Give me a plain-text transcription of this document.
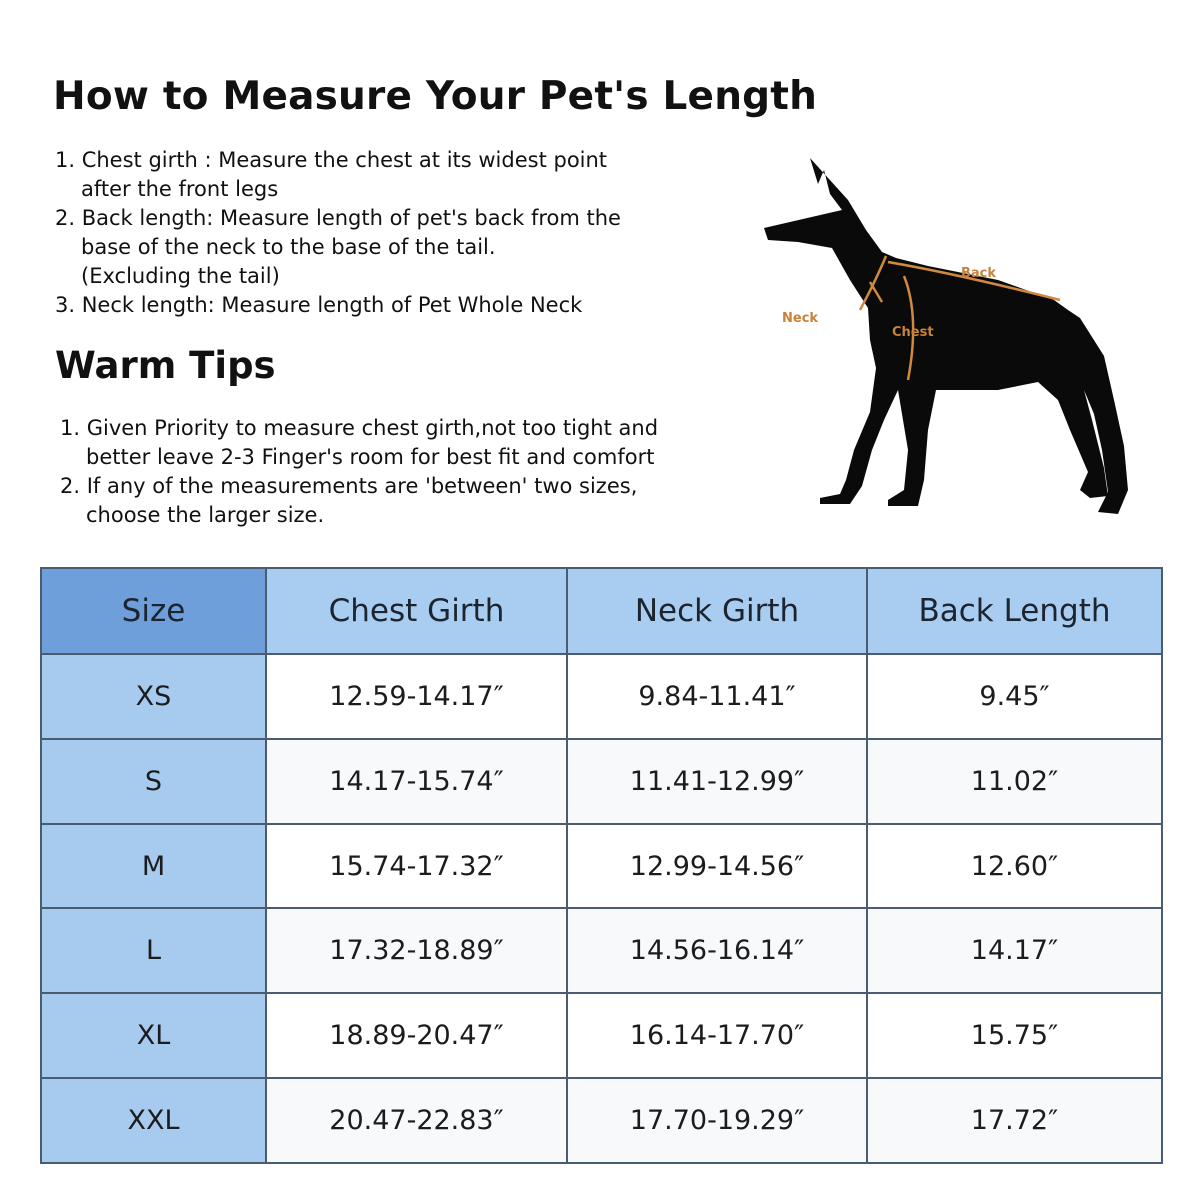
How to Measure Your Pet's Length
1. Chest girth : Measure the chest at its widest point
after the front legs
2. Back length: Measure length of pet's back from the
base of the neck to the base of the tail.
(Excluding the tail)
3. Neck length: Measure length of Pet Whole Neck
Warm Tips
1. Given Priority to measure chest girth,not too tight and
better leave 2-3 Finger's room for best fit and comfort
2. If any of the measurements are 'between' two sizes,
choose the larger size.
Back
Neck
Chest
Size	Chest Girth	Neck Girth	Back Length
XS	12.59-14.17″	9.84-11.41″	9.45″
S	14.17-15.74″	11.41-12.99″	11.02″
M	15.74-17.32″	12.99-14.56″	12.60″
L	17.32-18.89″	14.56-16.14″	14.17″
XL	18.89-20.47″	16.14-17.70″	15.75″
XXL	20.47-22.83″	17.70-19.29″	17.72″
